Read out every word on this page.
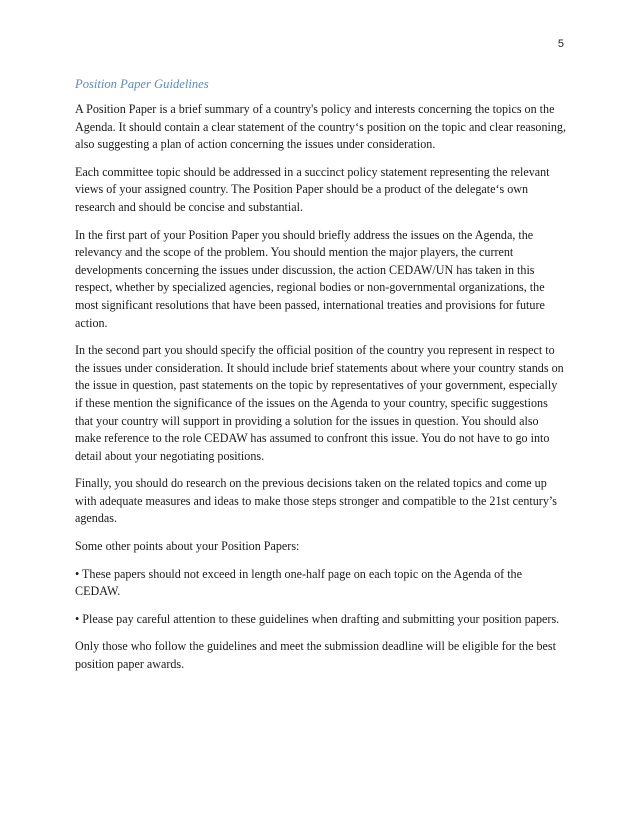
5
Position Paper Guidelines

A Position Paper is a brief summary of a country's policy and interests concerning the topics on the Agenda. It should contain a clear statement of the country‘s position on the topic and clear reasoning, also suggesting a plan of action concerning the issues under consideration.

Each committee topic should be addressed in a succinct policy statement representing the relevant views of your assigned country. The Position Paper should be a product of the delegate‘s own research and should be concise and substantial.

In the first part of your Position Paper you should briefly address the issues on the Agenda, the relevancy and the scope of the problem. You should mention the major players, the current developments concerning the issues under discussion, the action CEDAW/UN has taken in this respect, whether by specialized agencies, regional bodies or non-governmental organizations, the most significant resolutions that have been passed, international treaties and provisions for future action.

In the second part you should specify the official position of the country you represent in respect to the issues under consideration. It should include brief statements about where your country stands on the issue in question, past statements on the topic by representatives of your government, especially if these mention the significance of the issues on the Agenda to your country, specific suggestions that your country will support in providing a solution for the issues in question. You should also make reference to the role CEDAW has assumed to confront this issue. You do not have to go into detail about your negotiating positions.

Finally, you should do research on the previous decisions taken on the related topics and come up with adequate measures and ideas to make those steps stronger and compatible to the 21st century’s agendas.

Some other points about your Position Papers:

• These papers should not exceed in length one-half page on each topic on the Agenda of the CEDAW.

• Please pay careful attention to these guidelines when drafting and submitting your position papers.

Only those who follow the guidelines and meet the submission deadline will be eligible for the best position paper awards.
